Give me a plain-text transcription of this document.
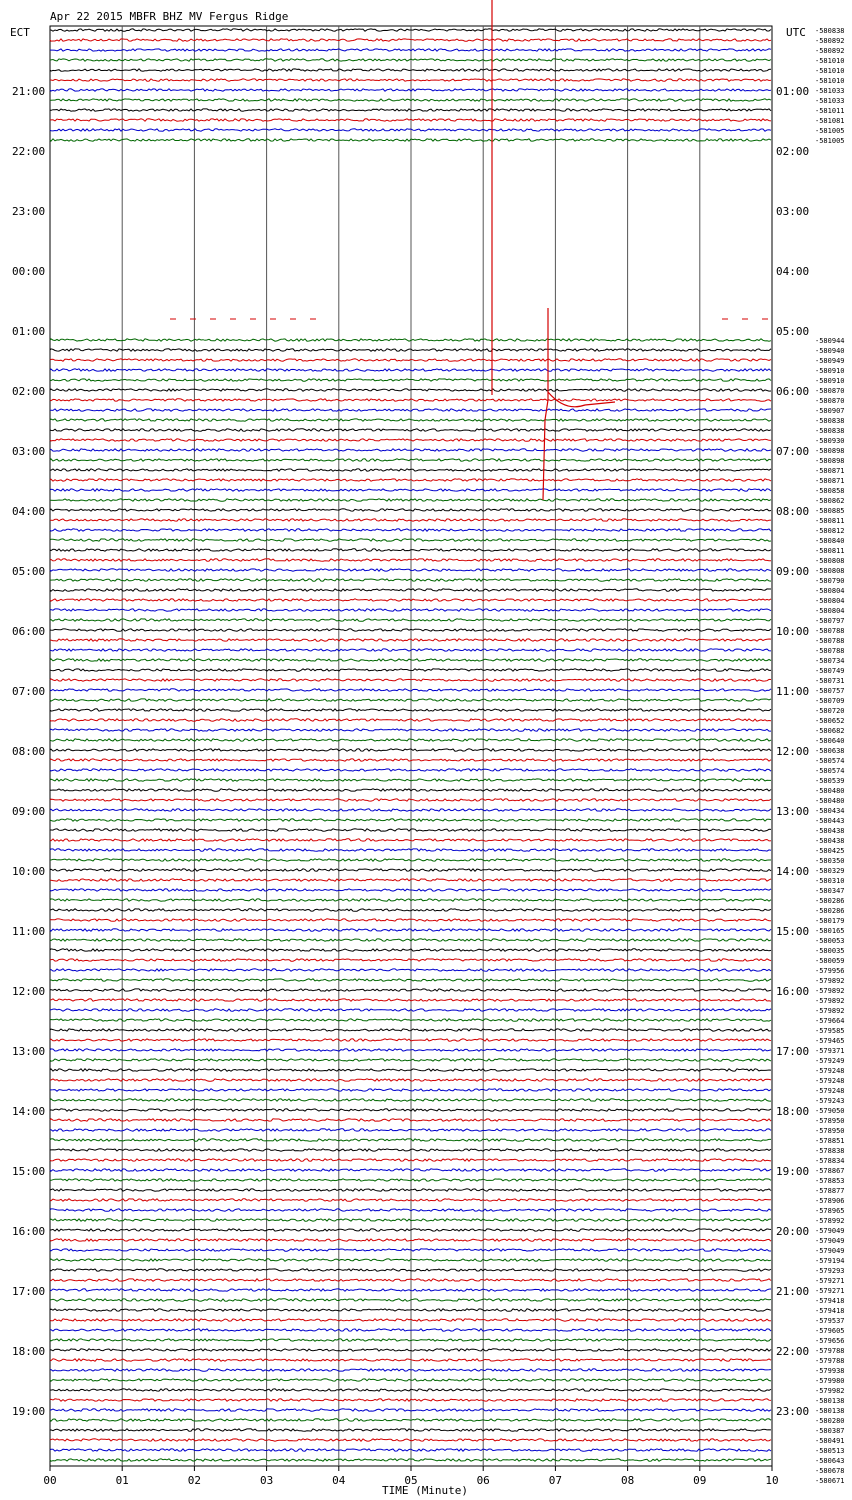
Apr 22 2015 MBFR BHZ MV Fergus Ridge
ECT	UTC
21:00
22:00
23:00
00:00
01:00
02:00
03:00
04:00
05:00
06:00
07:00
08:00
09:00
10:00
11:00
12:00
13:00
14:00
15:00
16:00
17:00
18:00
19:00
01:00
02:00
03:00
04:00
05:00
06:00
07:00
08:00
09:00
10:00
11:00
12:00
13:00
14:00
15:00
16:00
17:00
18:00
19:00
20:00
21:00
22:00
23:00
-580838
-580892
-580892
-581010
-581010
-581010
-581033
-581033
-581011
-581081
-581005
-581005
-580944
-580940
-580949
-580910
-580910
-580870
-580870
-580907
-580838
-580838
-580930
-580898
-580898
-580871
-580871
-580858
-580862
-580885
-580811
-580812
-580840
-580811
-580808
-580808
-580790
-580804
-580804
-580804
-580797
-580788
-580788
-580788
-580734
-580749
-580731
-580757
-580709
-580720
-580652
-580682
-580640
-580638
-580574
-580574
-580539
-580480
-580480
-580434
-580443
-580438
-580438
-580425
-580350
-580329
-580310
-580347
-580286
-580286
-580179
-580165
-580053
-580035
-580059
-579956
-579892
-579892
-579892
-579892
-579664
-579585
-579465
-579371
-579249
-579248
-579248
-579248
-579243
-579050
-578950
-578950
-578851
-578838
-578834
-578867
-578853
-578877
-578906
-578965
-578992
-579049
-579049
-579049
-579194
-579293
-579271
-579271
-579418
-579418
-579537
-579605
-579656
-579788
-579788
-579938
-579980
-579982
-580138
-580138
-580280
-580387
-580491
-580513
-580643
-580678
-580671
00	01	02	03	04	05	06	07	08	09	10
TIME (Minute)
